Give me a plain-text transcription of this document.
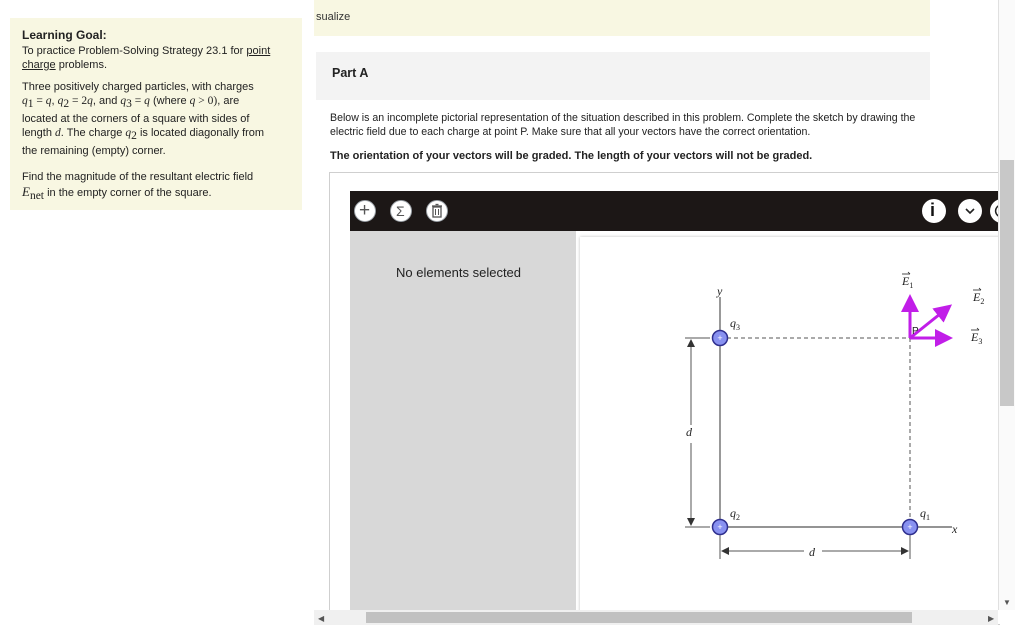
Learning Goal:
To practice Problem-Solving Strategy 23.1 for point charge problems.

Three positively charged particles, with charges
$q_1 = q$, $q_2 = 2q$, and $q_3 = q$ (where q > 0), are
located at the corners of a square with sides of
length d. The charge $q_2$ is located diagonally from
the remaining (empty) corner.

Find the magnitude of the resultant electric field
$E_{net}$ in the empty corner of the square.

sualize
Part A
Below is an incomplete pictorial representation of the situation described in this problem. Complete the sketch by drawing the electric field due to each charge at point P. Make sure that all your vectors have the correct orientation.
The orientation of your vectors will be graded. The length of your vectors will not be graded.
+ Σ	i
No elements selected
+
+	+
y
x
d
d
$q_3$
$q_2$	$q_1$
$E_1$
$E_2$
$E_3$
P
▼
◀	▶
